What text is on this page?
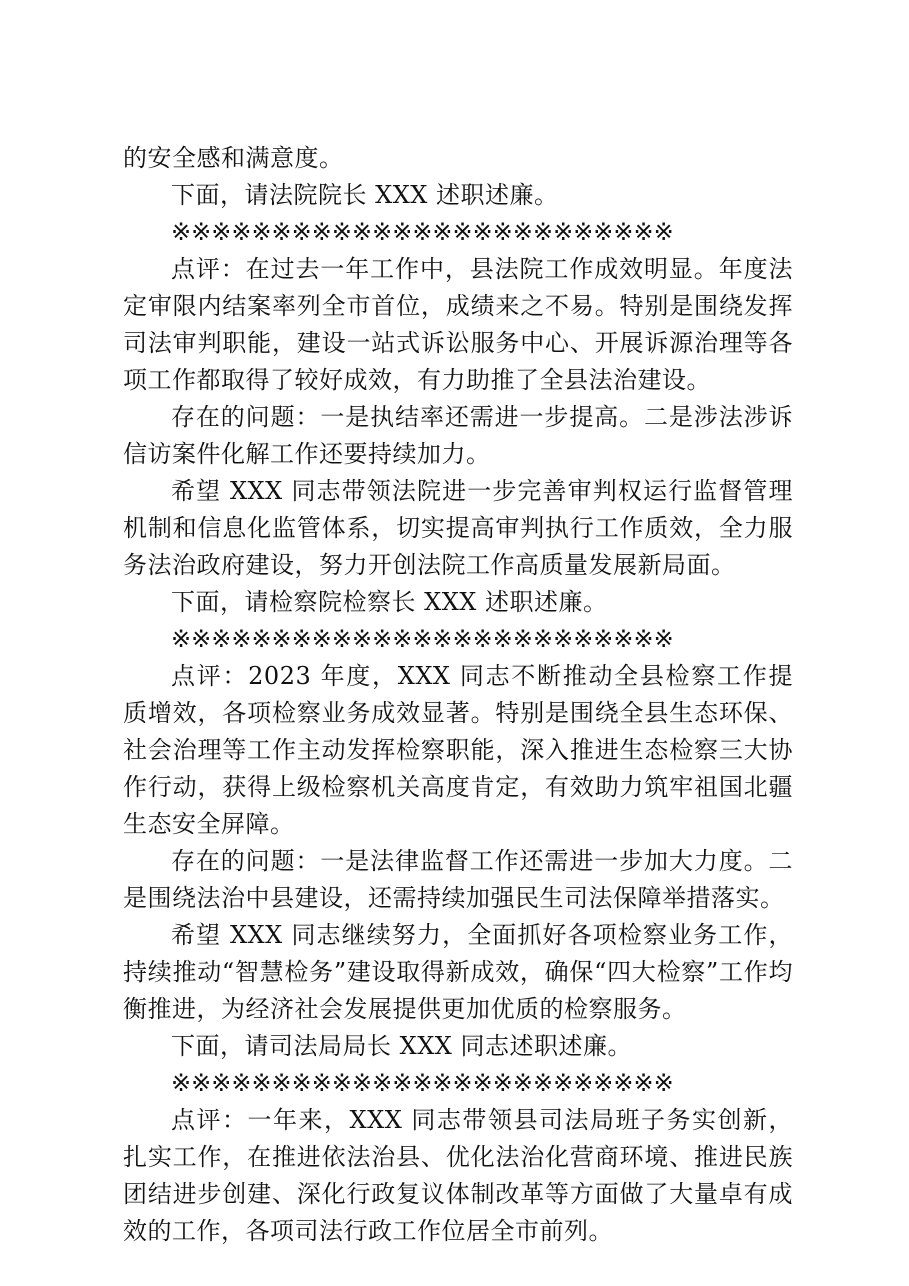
的安全感和满意度。

下面，请法院院长 XXX 述职述廉。

※※※※※※※※※※※※※※※※※※※※※※※※※

点评：在过去一年工作中，县法院工作成效明显。年度法定审限内结案率列全市首位，成绩来之不易。特别是围绕发挥司法审判职能，建设一站式诉讼服务中心、开展诉源治理等各项工作都取得了较好成效，有力助推了全县法治建设。

存在的问题：一是执结率还需进一步提高。二是涉法涉诉信访案件化解工作还要持续加力。

希望 XXX 同志带领法院进一步完善审判权运行监督管理机制和信息化监管体系，切实提高审判执行工作质效，全力服务法治政府建设，努力开创法院工作高质量发展新局面。

下面，请检察院检察长 XXX 述职述廉。

※※※※※※※※※※※※※※※※※※※※※※※※※

点评：2023 年度，XXX 同志不断推动全县检察工作提质增效，各项检察业务成效显著。特别是围绕全县生态环保、社会治理等工作主动发挥检察职能，深入推进生态检察三大协作行动，获得上级检察机关高度肯定，有效助力筑牢祖国北疆生态安全屏障。

存在的问题：一是法律监督工作还需进一步加大力度。二是围绕法治中县建设，还需持续加强民生司法保障举措落实。

希望 XXX 同志继续努力，全面抓好各项检察业务工作，持续推动“智慧检务”建设取得新成效，确保“四大检察”工作均衡推进，为经济社会发展提供更加优质的检察服务。

下面，请司法局局长 XXX 同志述职述廉。

※※※※※※※※※※※※※※※※※※※※※※※※※

点评：一年来，XXX 同志带领县司法局班子务实创新，扎实工作，在推进依法治县、优化法治化营商环境、推进民族团结进步创建、深化行政复议体制改革等方面做了大量卓有成效的工作，各项司法行政工作位居全市前列。
